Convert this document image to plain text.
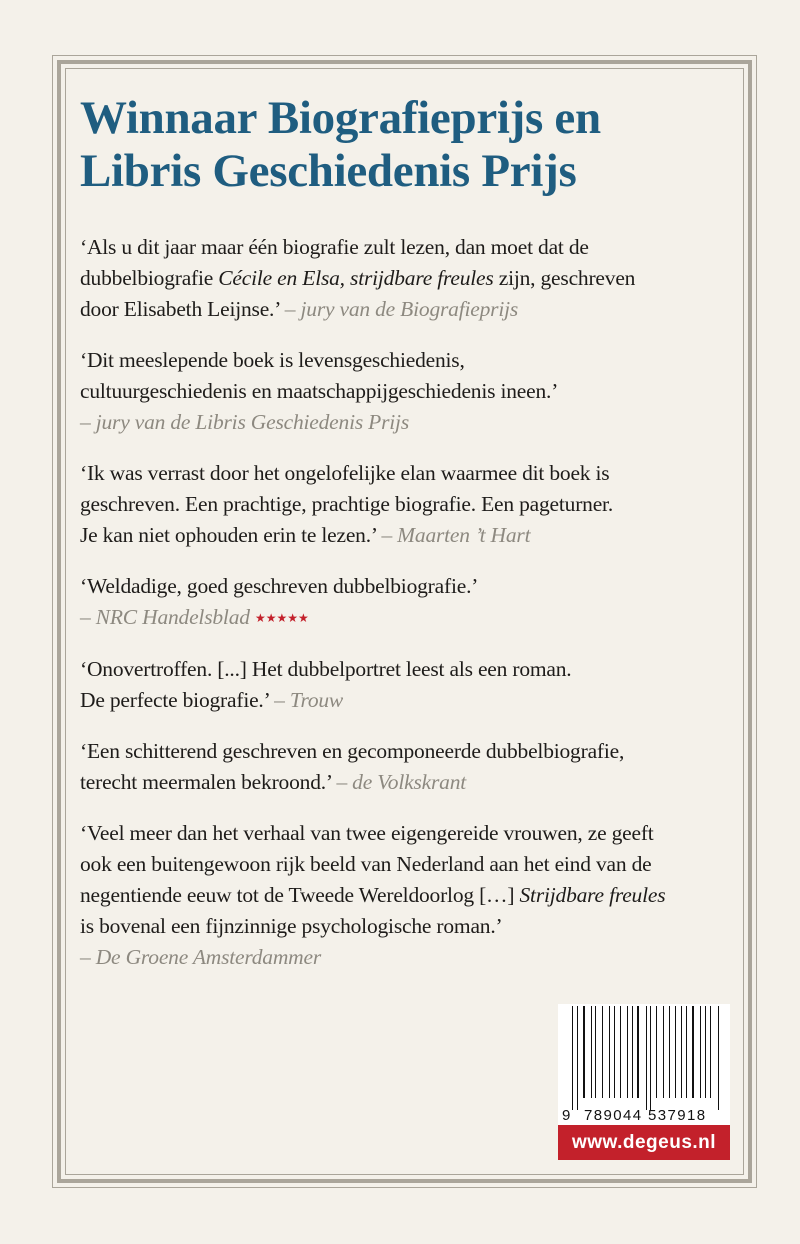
Winnaar Biografieprijs en
Libris Geschiedenis Prijs

‘Als u dit jaar maar één biografie zult lezen, dan moet dat de
dubbelbiografie Cécile en Elsa, strijdbare freules zijn, geschreven
door Elisabeth Leijnse.’ – jury van de Biografieprijs

‘Dit meeslepende boek is levensgeschiedenis,
cultuurgeschiedenis en maatschappijgeschiedenis ineen.’
– jury van de Libris Geschiedenis Prijs

‘Ik was verrast door het ongelofelijke elan waarmee dit boek is
geschreven. Een prachtige, prachtige biografie. Een pageturner.
Je kan niet ophouden erin te lezen.’ – Maarten ’t Hart

‘Weldadige, goed geschreven dubbelbiografie.’
– NRC Handelsblad ★★★★★

‘Onovertroffen. [...] Het dubbelportret leest als een roman.
De perfecte biografie.’ – Trouw

‘Een schitterend geschreven en gecomponeerde dubbelbiografie,
terecht meermalen bekroond.’ – de Volkskrant

‘Veel meer dan het verhaal van twee eigengereide vrouwen, ze geeft
ook een buitengewoon rijk beeld van Nederland aan het eind van de
negentiende eeuw tot de Tweede Wereldoorlog […] Strijdbare freules
is bovenal een fijnzinnige psychologische roman.’
– De Groene Amsterdammer

9 789044 537918
www.degeus.nl
